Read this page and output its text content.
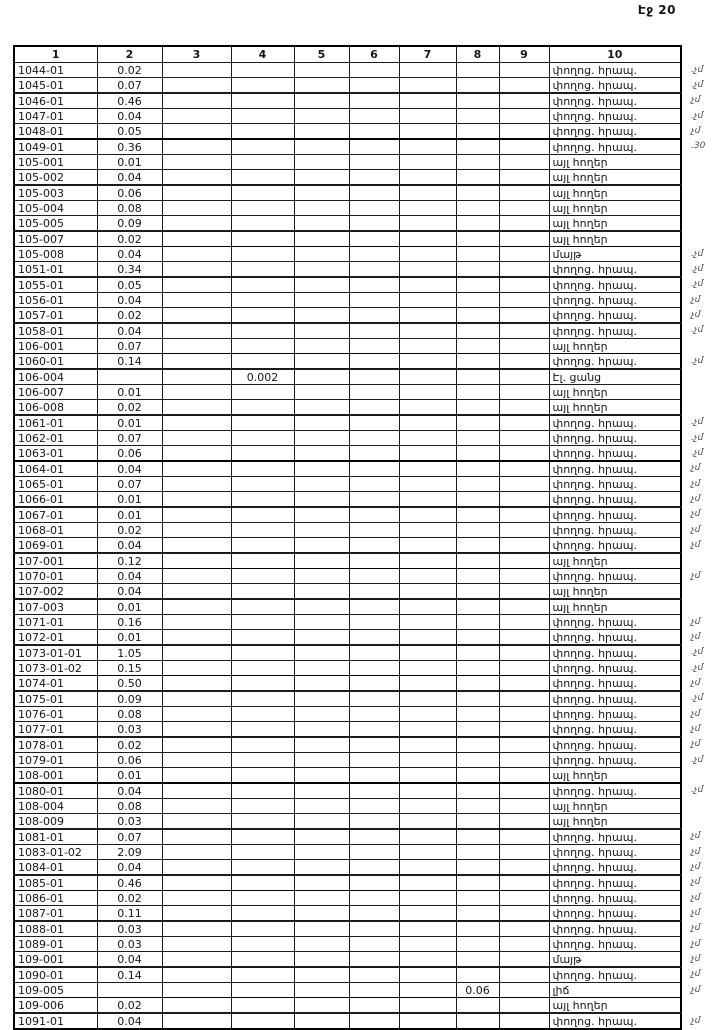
Էջ 20
1	2	3	4	5	6	7	8	9	10	
1044-01	0.02								փողոց. հրապ.	.չմ
1045-01	0.07								փողոց. հրապ.	.չմ
1046-01	0.46								փողոց. հրապ.	չմ
1047-01	0.04								փողոց. հրապ.	.չմ
1048-01	0.05								փողոց. հրապ.	չմ
1049-01	0.36								փողոց. հրապ.	.30
105-001	0.01								այլ հողեր	
105-002	0.04								այլ հողեր	
105-003	0.06								այլ հողեր	
105-004	0.08								այլ հողեր	
105-005	0.09								այլ հողեր	
105-007	0.02								այլ հողեր	
105-008	0.04								մայթ	.չմ
1051-01	0.34								փողոց. հրապ.	.չմ
1055-01	0.05								փողոց. հրապ.	.չմ
1056-01	0.04								փողոց. հրապ.	չմ
1057-01	0.02								փողոց. հրապ.	չմ
1058-01	0.04								փողոց. հրապ.	.չմ
106-001	0.07								այլ հողեր	
1060-01	0.14								փողոց. հրապ.	.չմ
106-004			0.002						Էլ. ցանց	
106-007	0.01								այլ հողեր	
106-008	0.02								այլ հողեր	
1061-01	0.01								փողոց. հրապ.	.չմ
1062-01	0.07								փողոց. հրապ.	.չմ
1063-01	0.06								փողոց. հրապ.	.չմ
1064-01	0.04								փողոց. հրապ.	չմ
1065-01	0.07								փողոց. հրապ.	չմ
1066-01	0.01								փողոց. հրապ.	չմ
1067-01	0.01								փողոց. հրապ.	չմ
1068-01	0.02								փողոց. հրապ.	չմ
1069-01	0.04								փողոց. հրապ.	չմ
107-001	0.12								այլ հողեր	
1070-01	0.04								փողոց. հրապ.	չմ
107-002	0.04								այլ հողեր	
107-003	0.01								այլ հողեր	
1071-01	0.16								փողոց. հրապ.	չմ
1072-01	0.01								փողոց. հրապ.	չմ
1073-01-01	1.05								փողոց. հրապ.	.չմ
1073-01-02	0.15								փողոց. հրապ.	.չմ
1074-01	0.50								փողոց. հրապ.	չմ
1075-01	0.09								փողոց. հրապ.	.չմ
1076-01	0.08								փողոց. հրապ.	չմ
1077-01	0.03								փողոց. հրապ.	չմ
1078-01	0.02								փողոց. հրապ.	չմ
1079-01	0.06								փողոց. հրապ.	.չմ
108-001	0.01								այլ հողեր	
1080-01	0.04								փողոց. հրապ.	.չմ
108-004	0.08								այլ հողեր	
108-009	0.03								այլ հողեր	
1081-01	0.07								փողոց. հրապ.	չմ
1083-01-02	2.09								փողոց. հրապ.	չմ
1084-01	0.04								փողոց. հրապ.	չմ
1085-01	0.46								փողոց. հրապ.	չմ
1086-01	0.02								փողոց. հրապ.	չմ
1087-01	0.11								փողոց. հրապ.	չմ
1088-01	0.03								փողոց. հրապ.	չմ
1089-01	0.03								փողոց. հրապ.	չմ
109-001	0.04								մայթ	չմ
1090-01	0.14								փողոց. հրապ.	չմ
109-005							0.06		լիճ	չմ
109-006	0.02								այլ հողեր	
1091-01	0.04								փողոց. հրապ.	չմ
